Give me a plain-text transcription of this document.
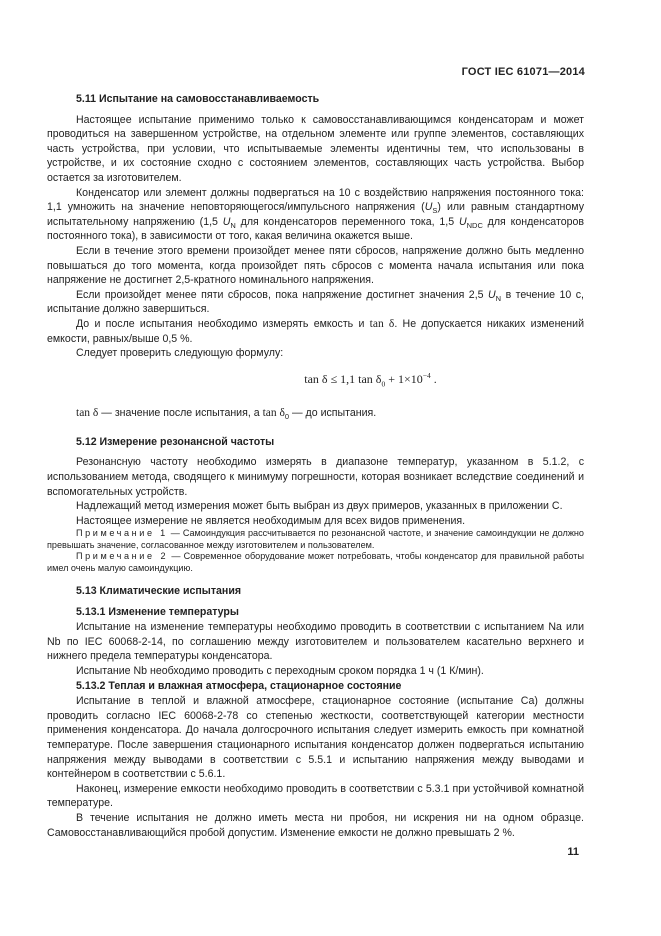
ГОСТ IEC 61071—2014
5.11 Испытание на самовосстанавливаемость

Настоящее испытание применимо только к самовосстанавливающимся конденсаторам и может проводиться на завершенном устройстве, на отдельном элементе или группе элементов, составляющих часть устройства, при условии, что испытываемые элементы идентичны тем, что использованы в устройстве, и их состояние сходно с состоянием элементов, составляющих часть устройства. Выбор остается за изготовителем.

Конденсатор или элемент должны подвергаться на 10 с воздействию напряжения постоянного тока: 1,1 умножить на значение неповторяющегося/импульсного напряжения $(U_S)$ или равным стандартному испытательному напряжению (1,5 $U_N$ для конденсаторов переменного тока, 1,5 $U_{NDC}$ для конденсаторов постоянного тока), в зависимости от того, какая величина окажется выше.

Если в течение этого времени произойдет менее пяти сбросов, напряжение должно быть медленно повышаться до того момента, когда произойдет пять сбросов с момента начала испытания или пока напряжение не достигнет 2,5-кратного номинального напряжения.

Если произойдет менее пяти сбросов, пока напряжение достигнет значения 2,5 $U_N$ в течение 10 с, испытание должно завершиться.

До и после испытания необходимо измерять емкость и tan δ. Не допускается никаких изменений емкости, равных/выше 0,5 %.

Следует проверить следующую формулу:

tan δ ≤ 1,1 $\tan \delta_0 + 1\times 10^{-4}$ .
tan δ — значение после испытания, а $\tan \delta_0$ — до испытания.
5.12 Измерение резонансной частоты

Резонансную частоту необходимо измерять в диапазоне температур, указанном в 5.1.2, с использованием метода, сводящего к минимуму погрешности, которая возникает вследствие соединений и вспомогательных устройств.

Надлежащий метод измерения может быть выбран из двух примеров, указанных в приложении С.

Настоящее измерение не является необходимым для всех видов применения.

Примечание 1 — Самоиндукция рассчитывается по резонансной частоте, и значение самоиндукции не должно превышать значение, согласованное между изготовителем и пользователем.

Примечание 2 — Современное оборудование может потребовать, чтобы конденсатор для правильной работы имел очень малую самоиндукцию.

5.13 Климатические испытания
5.13.1 Изменение температуры

Испытание на изменение температуры необходимо проводить в соответствии с испытанием Na или Nb по IEC 60068-2-14, по соглашению между изготовителем и пользователем касательно верхнего и нижнего предела температуры конденсатора.

Испытание Nb необходимо проводить с переходным сроком порядка 1 ч (1 К/мин).

5.13.2 Теплая и влажная атмосфера, стационарное состояние

Испытание в теплой и влажной атмосфере, стационарное состояние (испытание Са) должны проводить согласно IEC 60068-2-78 со степенью жесткости, соответствующей категории местности применения конденсатора. До начала долгосрочного испытания следует измерить емкость при комнатной температуре. После завершения стационарного испытания конденсатор должен подвергаться испытанию напряжения между выводами в соответствии с 5.5.1 и испытанию напряжения между выводами и контейнером в соответствии с 5.6.1.

Наконец, измерение емкости необходимо проводить в соответствии с 5.3.1 при устойчивой комнатной температуре.

В течение испытания не должно иметь места ни пробоя, ни искрения ни на одном образце. Самовосстанавливающийся пробой допустим. Изменение емкости не должно превышать 2 %.

11
